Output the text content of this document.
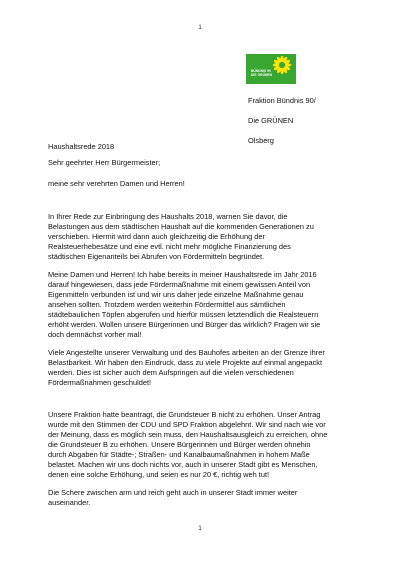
1
BÜNDNIS 90
DIE GRÜNEN
Fraktion Bündnis 90/
Die GRÜNEN
Olsberg

Haushaltsrede 2018

Sehr geehrter Herr Bürgermeister;

meine sehr verehrten Damen und Herren!

In Ihrer Rede zur Einbringung des Haushalts 2018, warnen Sie davor, die
Belastungen aus dem städtischen Haushalt auf die kommenden Generationen zu
verschieben. Hiermit wird dann auch gleichzeitig die Erhöhung der
Realsteuerhebesätze und eine evtl. nicht mehr mögliche Finanzierung des
städtischen Eigenanteils bei Abrufen von Fördermitteln begründet.

Meine Damen und Herren! Ich habe bereits in meiner Haushaltsrede im Jahr 2016
darauf hingewiesen, dass jede Fördermaßnahme mit einem gewissen Anteil von
Eigenmitteln verbunden ist und wir uns daher jede einzelne Maßnahme genau
ansehen sollten. Trotzdem werden weiterhin Fördermittel aus sämtlichen
städtebaulichen Töpfen abgerufen und hierfür müssen letztendlich die Realsteuern
erhöht werden. Wollen unsere Bürgerinnen und Bürger das wirklich? Fragen wir sie
doch demnächst vorher mal!

Viele Angestellte unserer Verwaltung und des Bauhofes arbeiten an der Grenze ihrer
Belastbarkeit. Wir haben den Eindruck, dass zu viele Projekte auf einmal angepackt
werden. Dies ist sicher auch dem Aufspringen auf die vielen verschiedenen
Fördermaßnahmen geschuldet!

Unsere Fraktion hatte beantragt, die Grundsteuer B nicht zu erhöhen. Unser Antrag
wurde mit den Stimmen der CDU und SPD Fraktion abgelehnt. Wir sind nach wie vor
der Meinung, dass es möglich sein muss, den Haushaltsausgleich zu erreichen, ohne
die Grundsteuer B zu erhöhen. Unsere Bürgerinnen und Bürger werden ohnehin
durch Abgaben für Städte-; Straßen- und Kanalbaumaßnahmen in hohem Maße
belastet. Machen wir uns doch nichts vor, auch in unserer Stadt gibt es Menschen,
denen eine solche Erhöhung, und seien es nur 20 €, richtig weh tut!

Die Schere zwischen arm und reich geht auch in unserer Stadt immer weiter
auseinander.

1
